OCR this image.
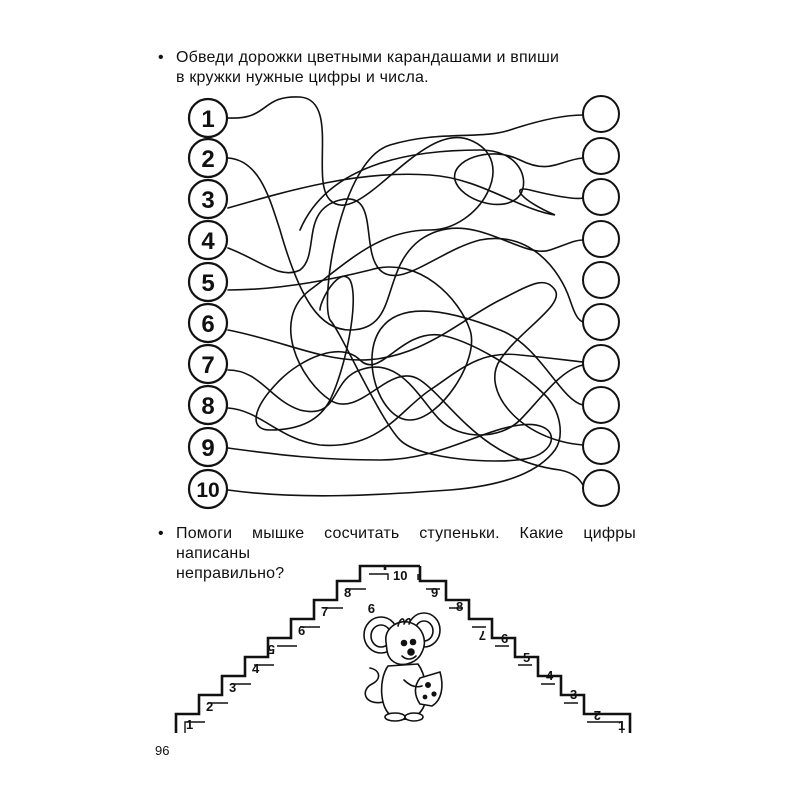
• Обведи дорожки цветными карандашами и впиши

в кружки нужные цифры и числа.

1
2
3
4
5
6
7
8
9
10
1
2
3
4
5
6
7
8
9
10
9
8
7 6
5
4
3
2
1
• Помоги мышке сосчитать ступеньки. Какие цифры написаны

неправильно?

96
